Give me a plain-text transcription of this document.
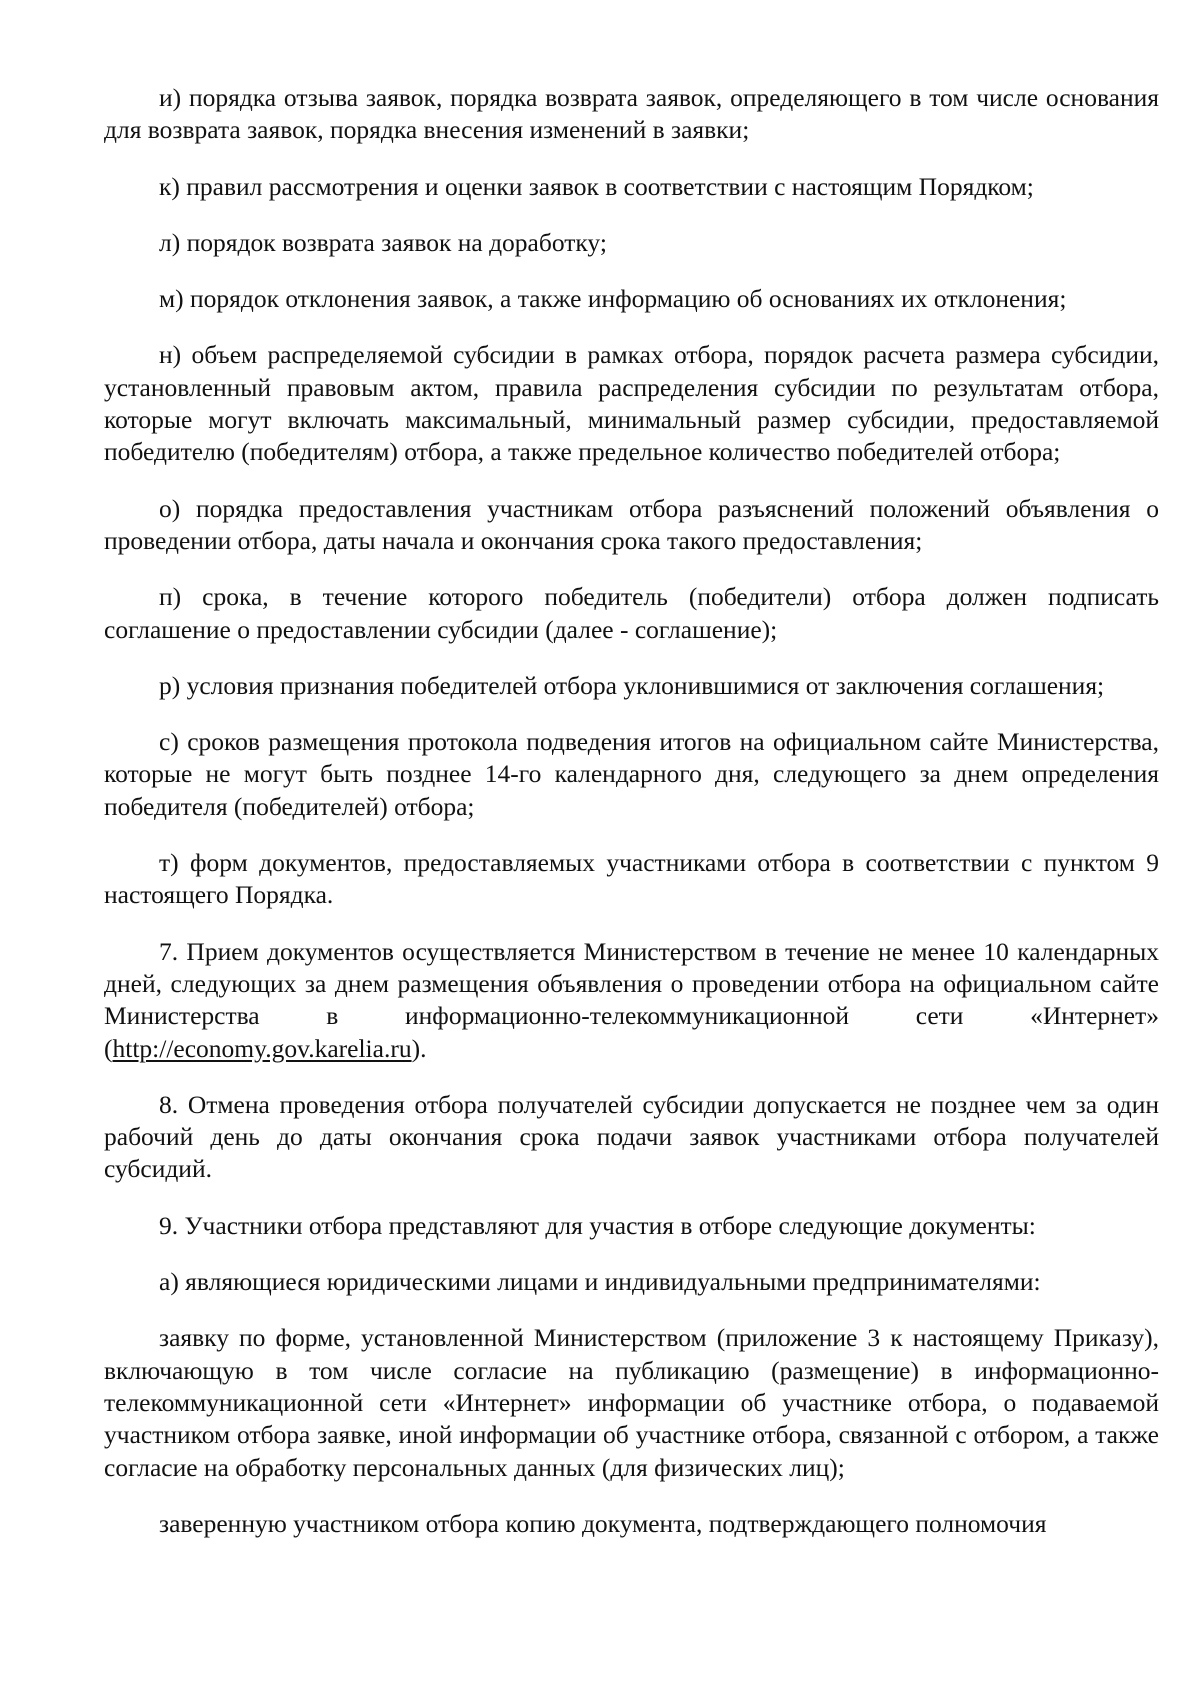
и) порядка отзыва заявок, порядка возврата заявок, определяющего в том числе основания для возврата заявок, порядка внесения изменений в заявки;

к) правил рассмотрения и оценки заявок в соответствии с настоящим Порядком;

л) порядок возврата заявок на доработку;

м) порядок отклонения заявок, а также информацию об основаниях их отклонения;

н) объем распределяемой субсидии в рамках отбора, порядок расчета размера субсидии, установленный правовым актом, правила распределения субсидии по результатам отбора, которые могут включать максимальный, минимальный размер субсидии, предоставляемой победителю (победителям) отбора, а также предельное количество победителей отбора;

о) порядка предоставления участникам отбора разъяснений положений объявления о проведении отбора, даты начала и окончания срока такого предоставления;

п) срока, в течение которого победитель (победители) отбора должен подписать соглашение о предоставлении субсидии (далее - соглашение);

р) условия признания победителей отбора уклонившимися от заключения соглашения;

с) сроков размещения протокола подведения итогов на официальном сайте Министерства, которые не могут быть позднее 14-го календарного дня, следующего за днем определения победителя (победителей) отбора;

т) форм документов, предоставляемых участниками отбора в соответствии с пунктом 9 настоящего Порядка.

7. Прием документов осуществляется Министерством в течение не менее 10 календарных дней, следующих за днем размещения объявления о проведении отбора на официальном сайте Министерства в информационно-телекоммуникационной сети «Интернет» (http://economy.gov.karelia.ru).

8. Отмена проведения отбора получателей субсидии допускается не позднее чем за один рабочий день до даты окончания срока подачи заявок участниками отбора получателей субсидий.

9. Участники отбора представляют для участия в отборе следующие документы:

а) являющиеся юридическими лицами и индивидуальными предпринимателями:

заявку по форме, установленной Министерством (приложение 3 к настоящему Приказу), включающую в том числе согласие на публикацию (размещение) в информационно-телекоммуникационной сети «Интернет» информации об участнике отбора, о подаваемой участником отбора заявке, иной информации об участнике отбора, связанной с отбором, а также согласие на обработку персональных данных (для физических лиц);

заверенную участником отбора копию документа, подтверждающего полномочия
